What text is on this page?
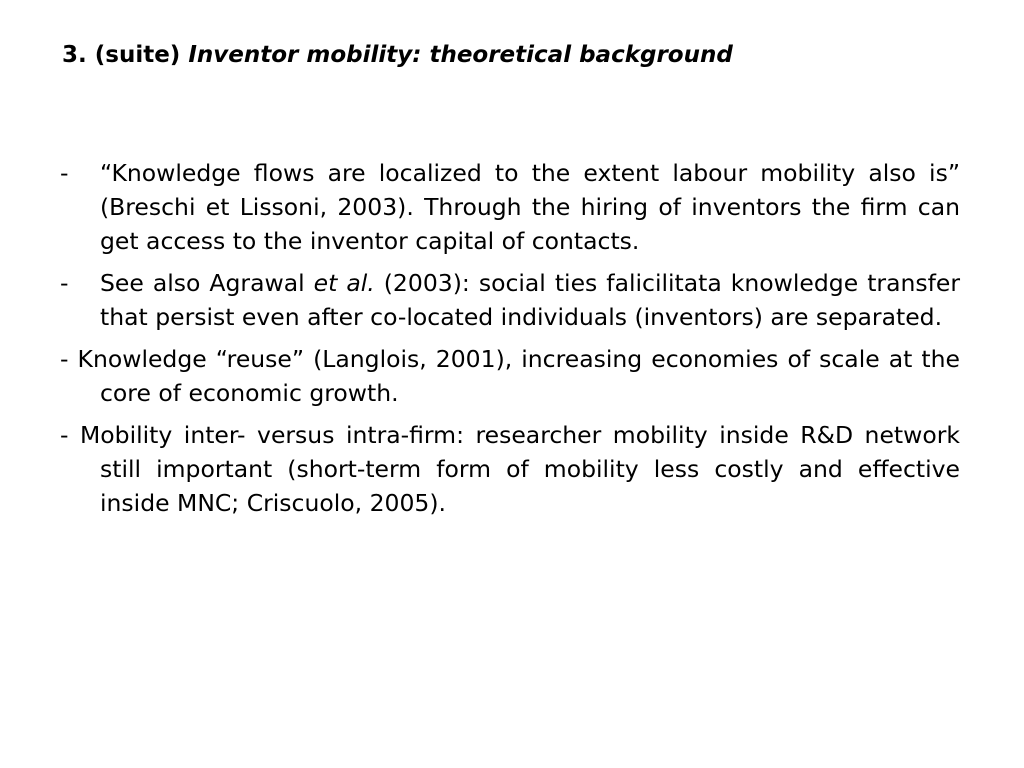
3. (suite) Inventor mobility: theoretical background
- “Knowledge flows are localized to the extent labour mobility also is” (Breschi et Lissoni, 2003). Through the hiring of inventors the firm can get access to the inventor capital of contacts.
- See also Agrawal et al. (2003): social ties falicilitata knowledge transfer that persist even after co-located individuals (inventors) are separated.
- Knowledge “reuse” (Langlois, 2001), increasing economies of scale at the core of economic growth.
- Mobility inter- versus intra-firm: researcher mobility inside R&D network still important (short-term form of mobility less costly and effective inside MNC; Criscuolo, 2005).
